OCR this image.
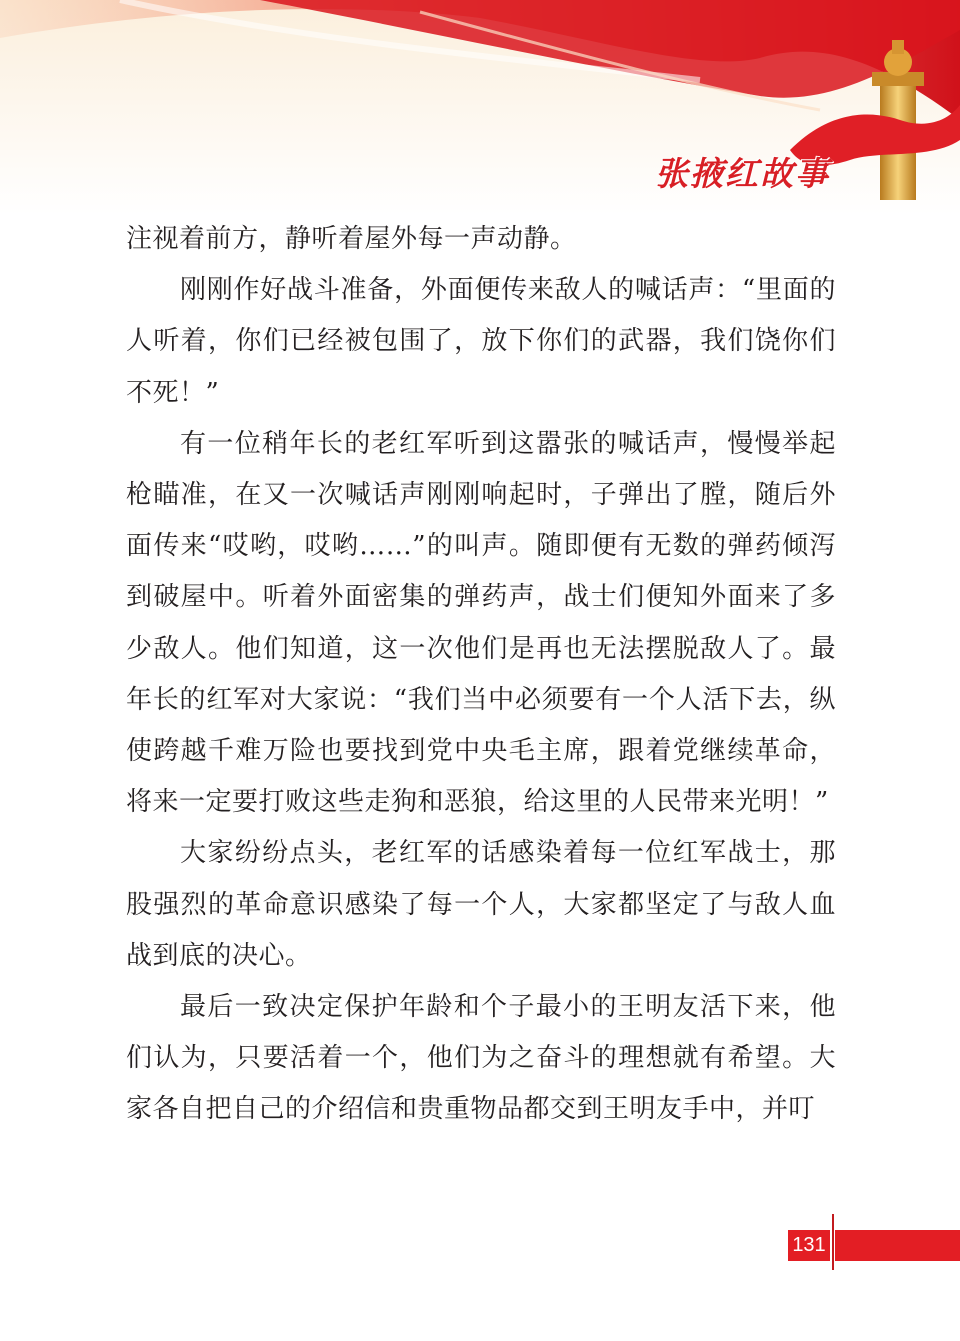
张掖红故事

注视着前方，静听着屋外每一声动静。

刚刚作好战斗准备，外面便传来敌人的喊话声：“里面的人听着，你们已经被包围了，放下你们的武器，我们饶你们不死！”

有一位稍年长的老红军听到这嚣张的喊话声，慢慢举起枪瞄准，在又一次喊话声刚刚响起时，子弹出了膛，随后外面传来“哎哟，哎哟……”的叫声。随即便有无数的弹药倾泻到破屋中。听着外面密集的弹药声，战士们便知外面来了多少敌人。他们知道，这一次他们是再也无法摆脱敌人了。最年长的红军对大家说：“我们当中必须要有一个人活下去，纵使跨越千难万险也要找到党中央毛主席，跟着党继续革命，将来一定要打败这些走狗和恶狼，给这里的人民带来光明！”

大家纷纷点头，老红军的话感染着每一位红军战士，那股强烈的革命意识感染了每一个人，大家都坚定了与敌人血战到底的决心。

最后一致决定保护年龄和个子最小的王明友活下来，他们认为，只要活着一个，他们为之奋斗的理想就有希望。大家各自把自己的介绍信和贵重物品都交到王明友手中，并叮

131
